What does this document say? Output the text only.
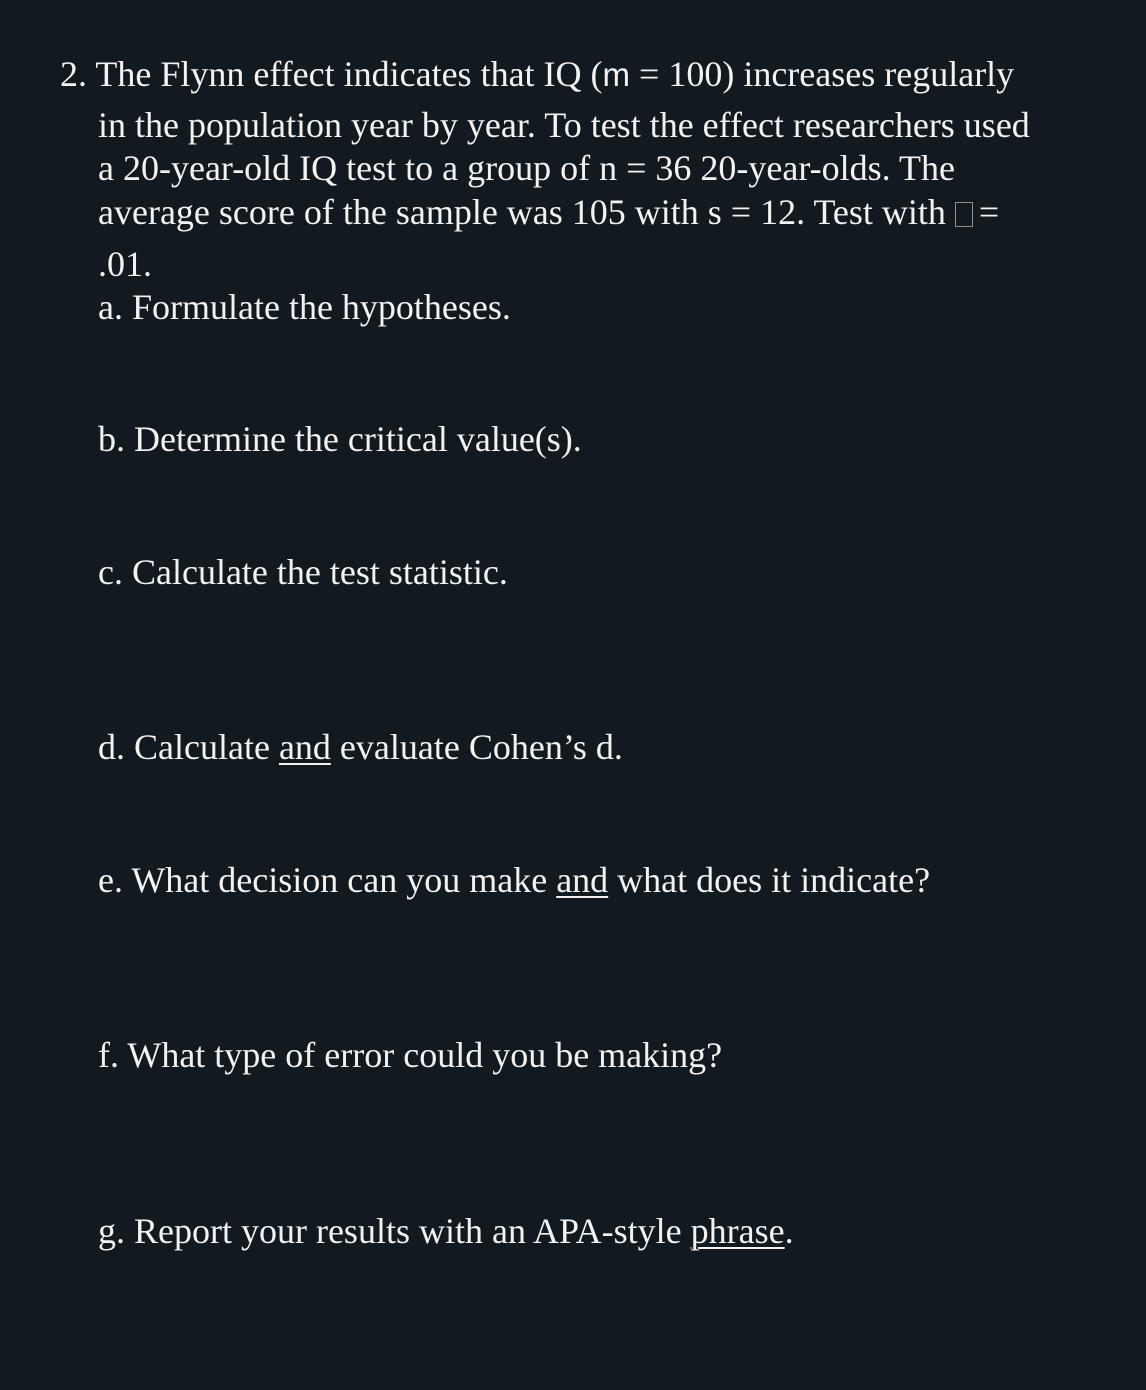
2. The Flynn effect indicates that IQ (m = 100) increases regularly
in the population year by year. To test the effect researchers used
a 20-year-old IQ test to a group of n = 36 20-year-olds. The
average score of the sample was 105 with s = 12. Test with =
.01.
a. Formulate the hypotheses.
b. Determine the critical value(s).
c. Calculate the test statistic.
d. Calculate and evaluate Cohen’s d.
e. What decision can you make and what does it indicate?
f. What type of error could you be making?
g. Report your results with an APA-style phrase.
